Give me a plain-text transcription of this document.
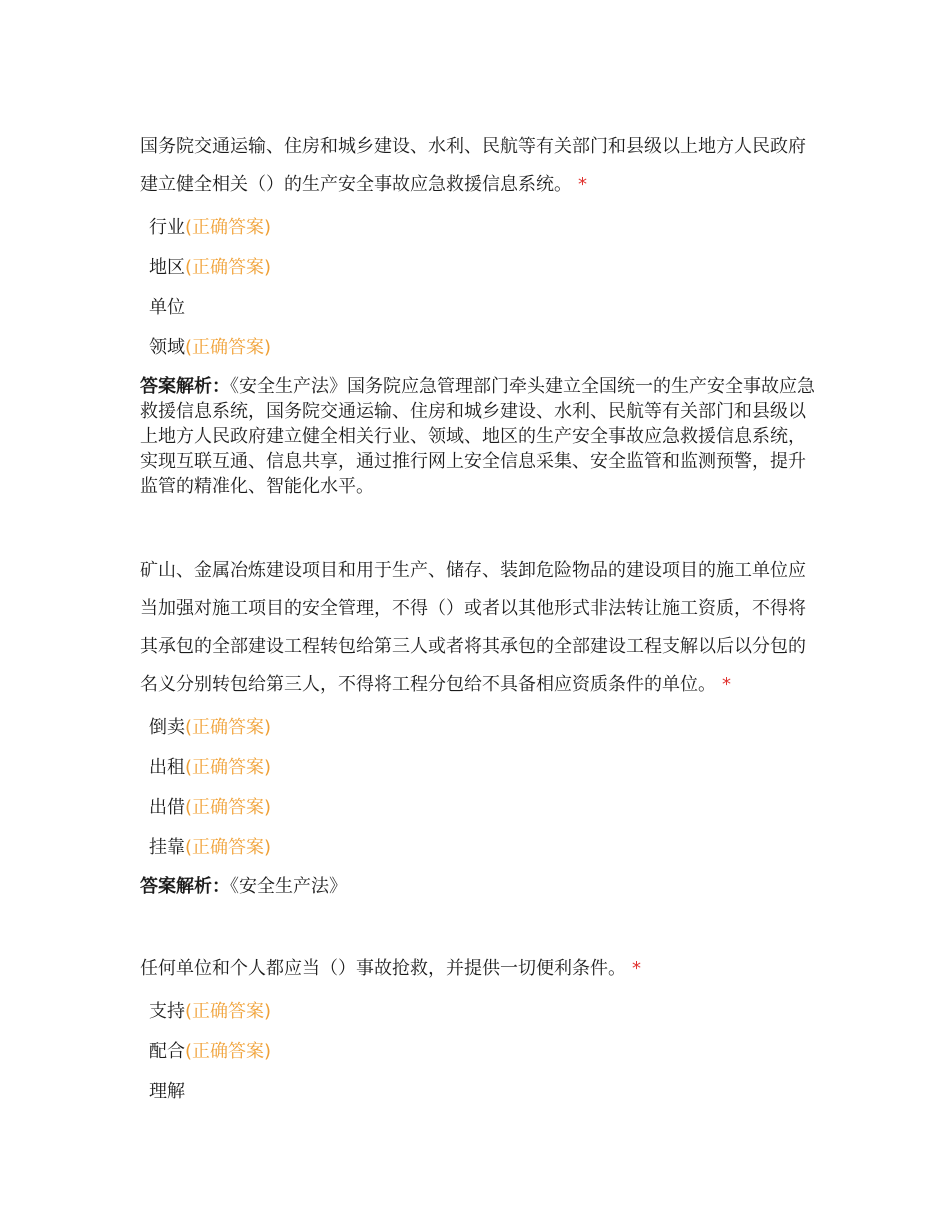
国务院交通运输、住房和城乡建设、水利、民航等有关部门和县级以上地方人民政府建立健全相关（）的生产安全事故应急救援信息系统。 *

行业(正确答案)
地区(正确答案)
单位
领域(正确答案)

答案解析：《安全生产法》国务院应急管理部门牵头建立全国统一的生产安全事故应急救援信息系统，国务院交通运输、住房和城乡建设、水利、民航等有关部门和县级以上地方人民政府建立健全相关行业、领域、地区的生产安全事故应急救援信息系统，实现互联互通、信息共享，通过推行网上安全信息采集、安全监管和监测预警，提升监管的精准化、智能化水平。

矿山、金属冶炼建设项目和用于生产、储存、装卸危险物品的建设项目的施工单位应当加强对施工项目的安全管理，不得（）或者以其他形式非法转让施工资质，不得将其承包的全部建设工程转包给第三人或者将其承包的全部建设工程支解以后以分包的名义分别转包给第三人，不得将工程分包给不具备相应资质条件的单位。 *

倒卖(正确答案)
出租(正确答案)
出借(正确答案)
挂靠(正确答案)

答案解析：《安全生产法》

任何单位和个人都应当（）事故抢救，并提供一切便利条件。 *

支持(正确答案)
配合(正确答案)
理解
